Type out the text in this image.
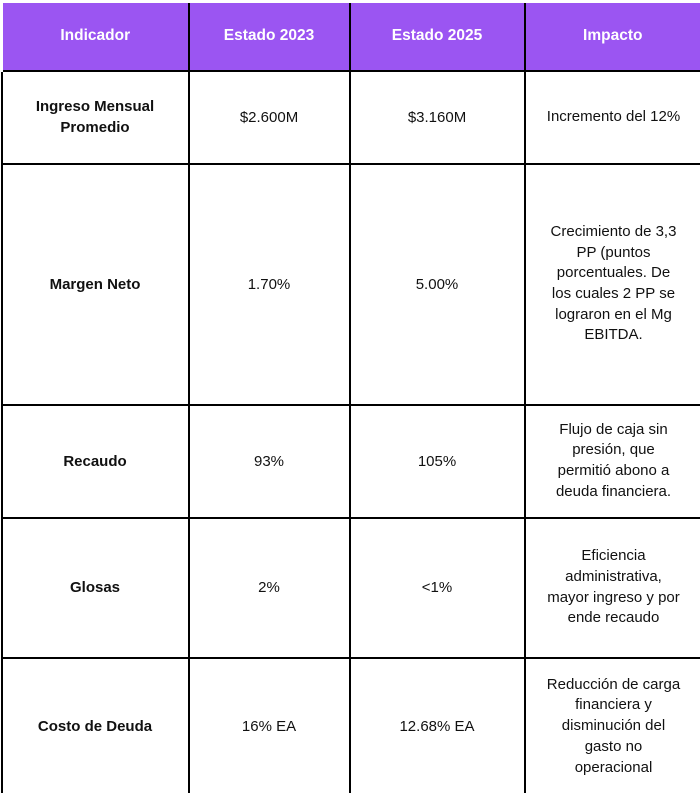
Indicador	Estado 2023	Estado 2025	Impacto
Ingreso Mensual Promedio	$2.600M	$3.160M	Incremento del 12%
Margen Neto	1.70%	5.00%	Crecimiento de 3,3 PP (puntos porcentuales. De los cuales 2 PP se lograron en el Mg EBITDA.
Recaudo	93%	105%	Flujo de caja sin presión, que permitió abono a deuda financiera.
Glosas	2%	<1%	Eficiencia administrativa, mayor ingreso y por ende recaudo
Costo de Deuda	16% EA	12.68% EA	Reducción de carga financiera y disminución del gasto no operacional
